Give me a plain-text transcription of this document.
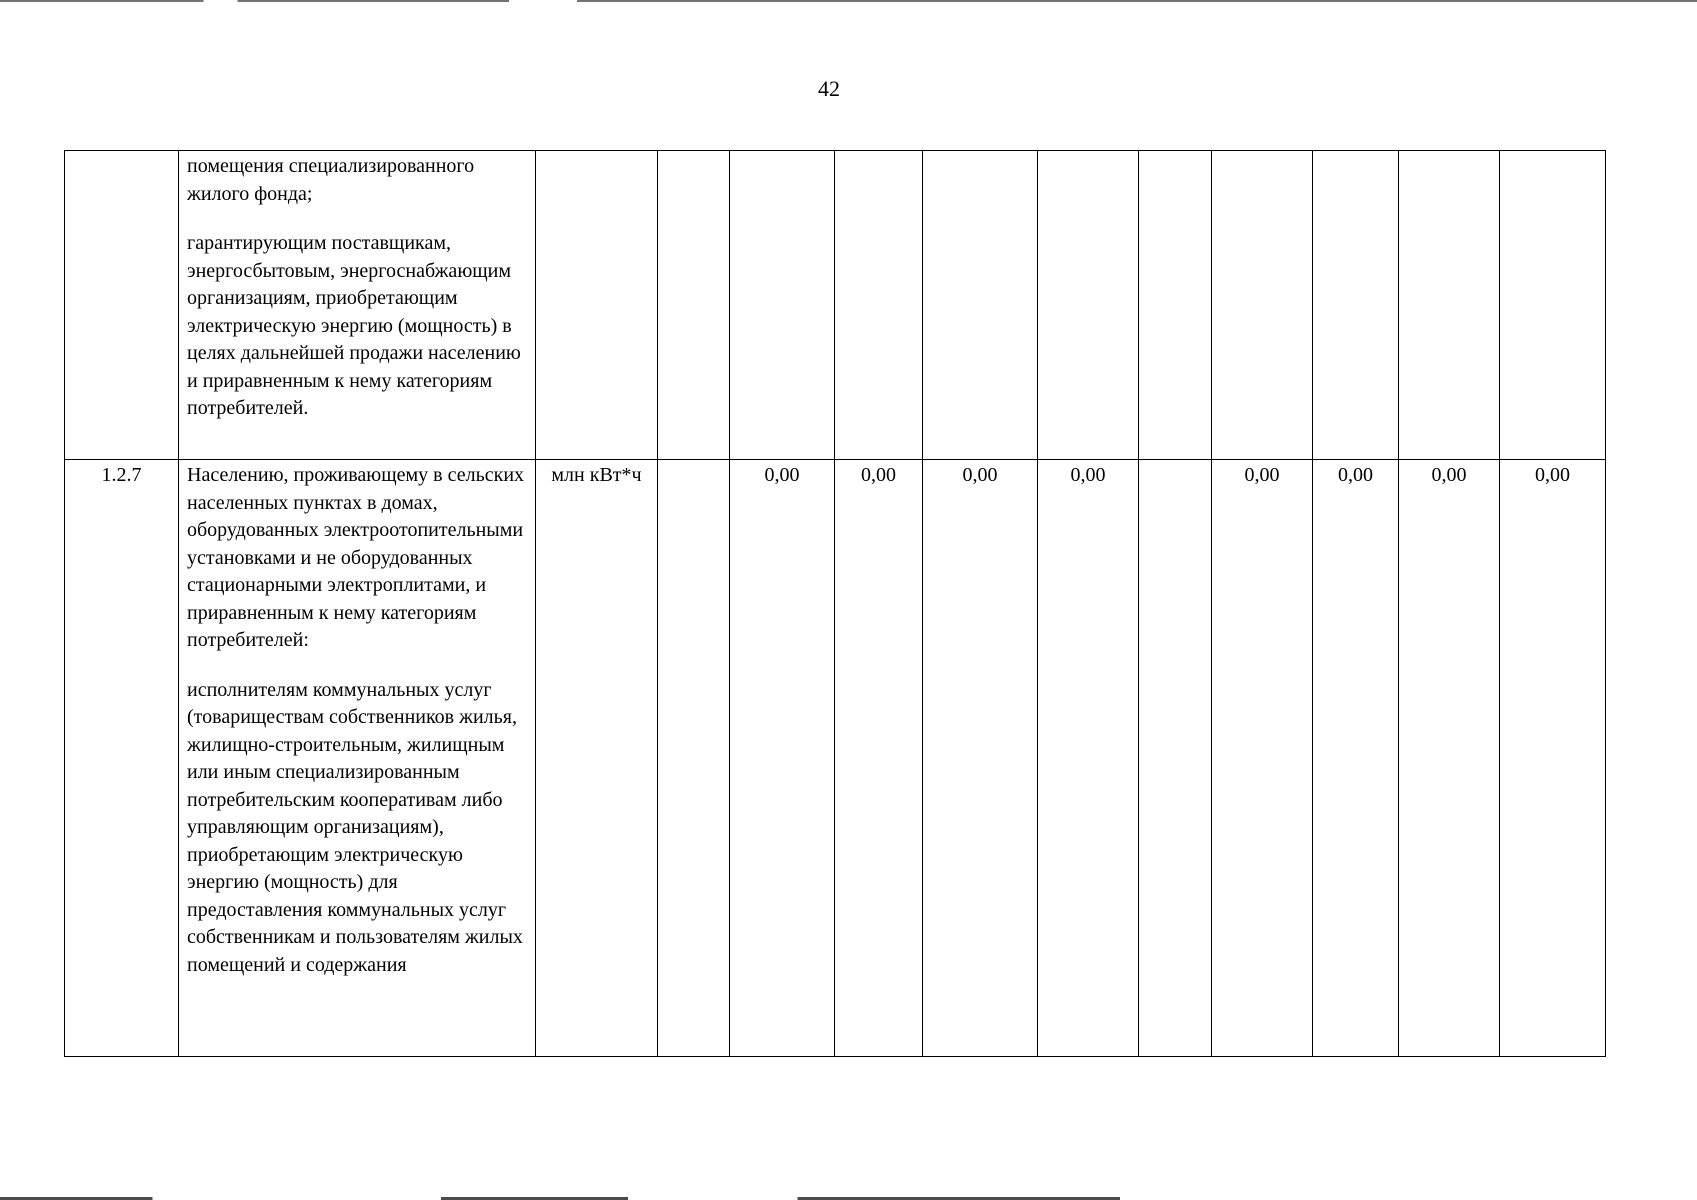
42

	помещения специализированного жилого фонда;

гарантирующим поставщикам, энергосбытовым, энергоснабжающим организациям, приобретающим электрическую энергию (мощность) в целях дальнейшей продажи населению и приравненным к нему категориям потребителей.											

1.2.7	Населению, проживающему в сельских населенных пунктах в домах, оборудованных электроотопительными установками и не оборудованных стационарными электроплитами, и приравненным к нему категориям потребителей:

исполнителям коммунальных услуг (товариществам собственников жилья, жилищно-строительным, жилищным или иным специализированным потребительским кооперативам либо управляющим организациям), приобретающим электрическую энергию (мощность) для предоставления коммунальных услуг собственникам и пользователям жилых помещений и содержания	млн кВт*ч		0,00	0,00	0,00	0,00		0,00	0,00	0,00	0,00
